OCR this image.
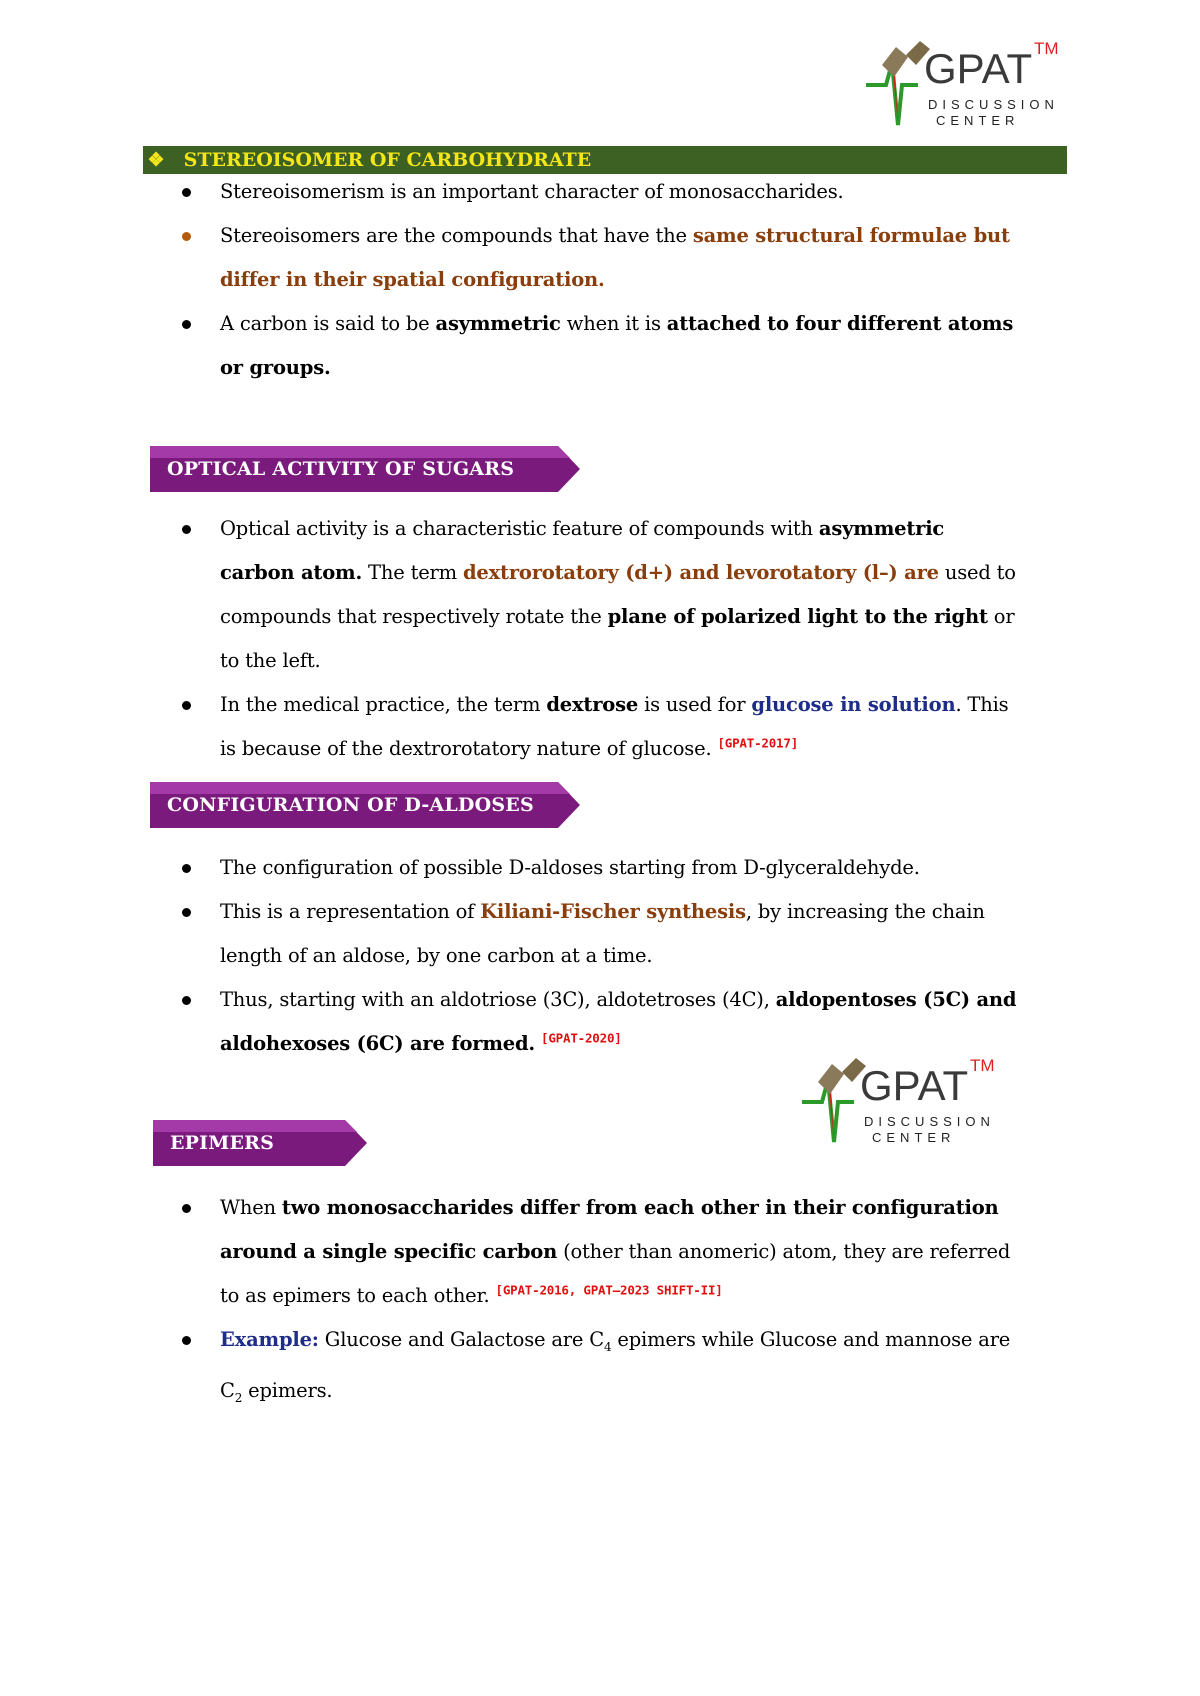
GPAT TM
DISCUSSION
CENTER
❖ STEREOISOMER OF CARBOHYDRATE
Stereoisomerism is an important character of monosaccharides.
Stereoisomers are the compounds that have the same structural formulae but
differ in their spatial configuration.
A carbon is said to be asymmetric when it is attached to four different atoms
or groups.
OPTICAL ACTIVITY OF SUGARS
Optical activity is a characteristic feature of compounds with asymmetric
carbon atom. The term dextrorotatory (d+) and levorotatory (l–) are used to
compounds that respectively rotate the plane of polarized light to the right or
to the left.
In the medical practice, the term dextrose is used for glucose in solution. This
is because of the dextrorotatory nature of glucose. [GPAT-2017]
CONFIGURATION OF D-ALDOSES
The configuration of possible D-aldoses starting from D-glyceraldehyde.
This is a representation of Kiliani-Fischer synthesis, by increasing the chain
length of an aldose, by one carbon at a time.
Thus, starting with an aldotriose (3C), aldotetroses (4C), aldopentoses (5C) and
aldohexoses (6C) are formed. [GPAT-2020]
GPAT TM
DISCUSSION
CENTER
EPIMERS
When two monosaccharides differ from each other in their configuration
around a single specific carbon (other than anomeric) atom, they are referred
to as epimers to each other. [GPAT-2016, GPAT–2023 SHIFT-II]
Example: Glucose and Galactose are $C_4$ epimers while Glucose and mannose are
$C_2$ epimers.
